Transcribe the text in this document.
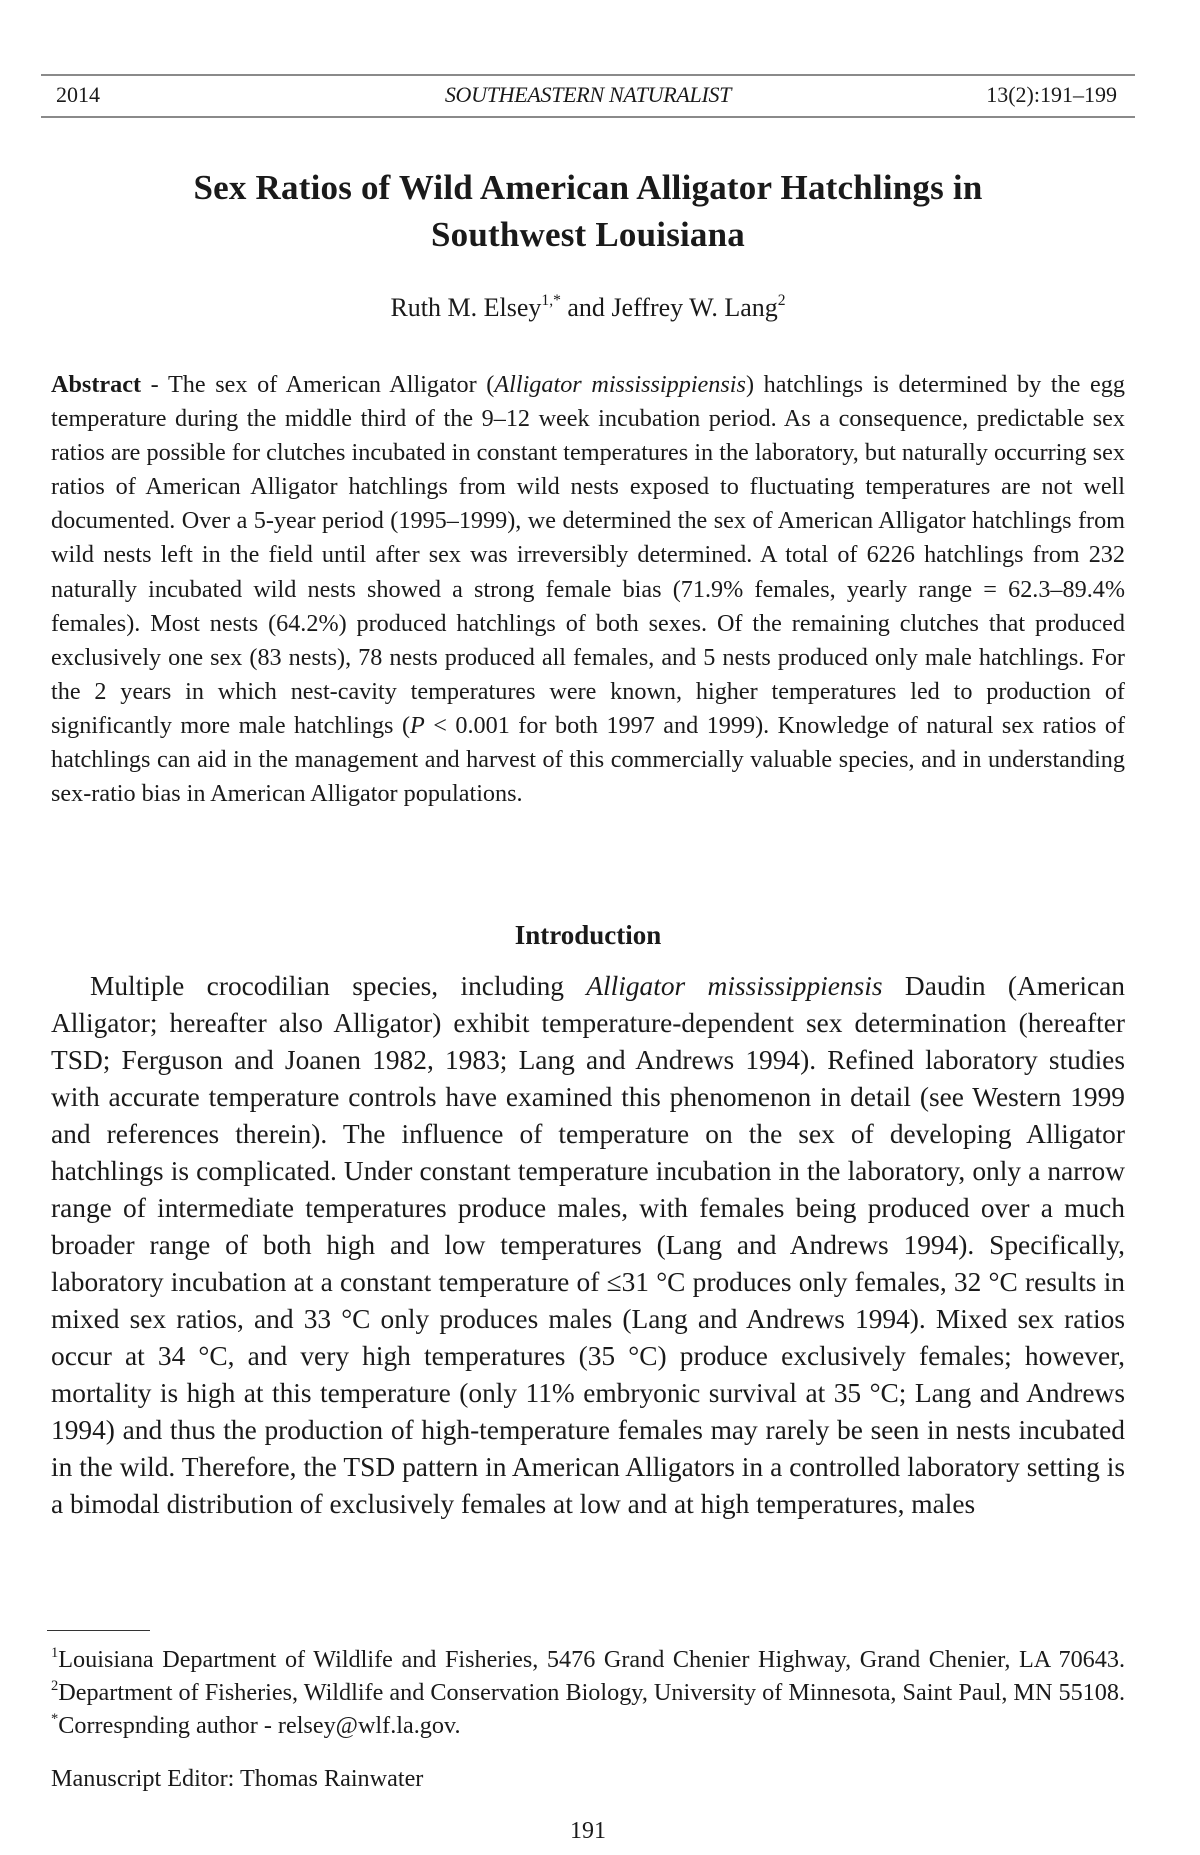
2014	SOUTHEASTERN NATURALIST	13(2):191–199
Sex Ratios of Wild American Alligator Hatchlings in
Southwest Louisiana
Ruth M. Elsey$^{1,*}$ and Jeffrey W. Lang$^2$
Abstract - The sex of American Alligator (Alligator mississippiensis) hatchlings is determined by the egg temperature during the middle third of the 9–12 week incubation period. As a consequence, predictable sex ratios are possible for clutches incubated in constant temperatures in the laboratory, but naturally occurring sex ratios of American Alligator hatchlings from wild nests exposed to fluctuating temperatures are not well documented. Over a 5-year period (1995–1999), we determined the sex of American Alligator hatchlings from wild nests left in the field until after sex was irreversibly determined. A total of 6226 hatchlings from 232 naturally incubated wild nests showed a strong female bias (71.9% females, yearly range = 62.3–89.4% females). Most nests (64.2%) produced hatchlings of both sexes. Of the remaining clutches that produced exclusively one sex (83 nests), 78 nests produced all females, and 5 nests produced only male hatchlings. For the 2 years in which nest-cavity temperatures were known, higher temperatures led to production of significantly more male hatchlings (P < 0.001 for both 1997 and 1999). Knowledge of natural sex ratios of hatchlings can aid in the management and harvest of this commercially valuable species, and in understanding sex-ratio bias in American Alligator populations.
Introduction
Multiple crocodilian species, including Alligator mississippiensis Daudin (American Alligator; hereafter also Alligator) exhibit temperature-dependent sex determination (hereafter TSD; Ferguson and Joanen 1982, 1983; Lang and Andrews 1994). Refined laboratory studies with accurate temperature controls have examined this phenomenon in detail (see Western 1999 and references therein). The influence of temperature on the sex of developing Alligator hatchlings is complicated. Under constant temperature incubation in the laboratory, only a narrow range of intermediate temperatures produce males, with females being produced over a much broader range of both high and low temperatures (Lang and Andrews 1994). Specifically, laboratory incubation at a constant temperature of ≤31 °C produces only females, 32 °C results in mixed sex ratios, and 33 °C only produces males (Lang and Andrews 1994). Mixed sex ratios occur at 34 °C, and very high temperatures (35 °C) produce exclusively females; however, mortality is high at this temperature (only 11% embryonic survival at 35 °C; Lang and Andrews 1994) and thus the production of high-temperature females may rarely be seen in nests incubated in the wild. Therefore, the TSD pattern in American Alligators in a controlled laboratory setting is a bimodal distribution of exclusively females at low and at high temperatures, males
$^1$Louisiana Department of Wildlife and Fisheries, 5476 Grand Chenier Highway, Grand Chenier, LA 70643. $^2$Department of Fisheries, Wildlife and Conservation Biology, University of Minnesota, Saint Paul, MN 55108. *Correspnding author - relsey@wlf.la.gov.
Manuscript Editor: Thomas Rainwater
191
